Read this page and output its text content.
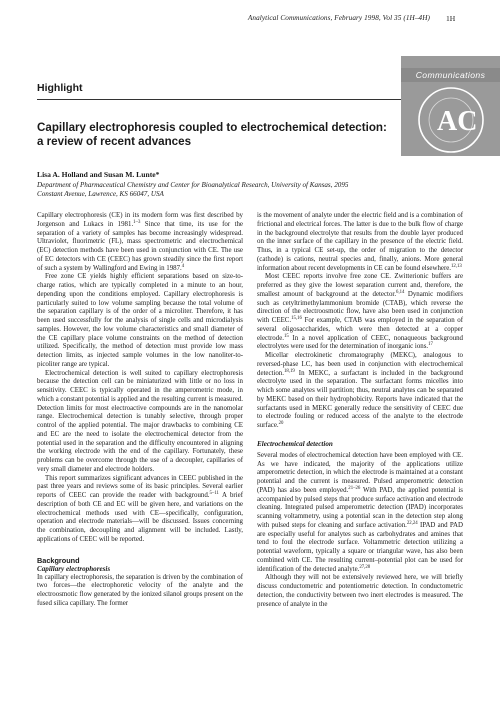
Analytical Communications, February 1998, Vol 35 (1H–4H) 1H
AC
Communications
Highlight
Capillary electrophoresis coupled to electrochemical detection: a review of recent advances
Lisa A. Holland and Susan M. Lunte*
Department of Pharmaceutical Chemistry and Center for Bioanalytical Research, University of Kansas, 2095 Constant Avenue, Lawrence, KS 66047, USA

Capillary electrophoresis (CE) in its modern form was first described by Jorgenson and Lukacs in 1981.$^{1-3}$ Since that time, its use for the separation of a variety of samples has become increasingly widespread. Ultraviolet, fluorimetric (FL), mass spectrometric and electrochemical (EC) detection methods have been used in conjunction with CE. The use of EC detectors with CE (CEEC) has grown steadily since the first report of such a system by Wallingford and Ewing in 1987.$^4$

Free zone CE yields highly efficient separations based on size-to-charge ratios, which are typically completed in a minute to an hour, depending upon the conditions employed. Capillary electrophoresis is particularly suited to low volume sampling because the total volume of the separation capillary is of the order of a microliter. Therefore, it has been used successfully for the analysis of single cells and microdialysis samples. However, the low volume characteristics and small diameter of the CE capillary place volume constraints on the method of detection utilized. Specifically, the method of detection must provide low mass detection limits, as injected sample volumes in the low nanoliter-to-picoliter range are typical.

Electrochemical detection is well suited to capillary electrophoresis because the detection cell can be miniaturized with little or no loss in sensitivity. CEEC is typically operated in the amperometric mode, in which a constant potential is applied and the resulting current is measured. Detection limits for most electroactive compounds are in the nanomolar range. Electrochemical detection is tunably selective, through proper control of the applied potential. The major drawbacks to combining CE and EC are the need to isolate the electrochemical detector from the potential used in the separation and the difficulty encountered in aligning the working electrode with the end of the capillary. Fortunately, these problems can be overcome through the use of a decoupler, capillaries of very small diameter and electrode holders.

This report summarizes significant advances in CEEC published in the past three years and reviews some of its basic principles. Several earlier reports of CEEC can provide the reader with background.$^{5-11}$ A brief description of both CE and EC will be given here, and variations on the electrochemical methods used with CE—specifically, configuration, operation and electrode materials—will be discussed. Issues concerning the combination, decoupling and alignment will be included. Lastly, applications of CEEC will be reported.

Background
Capillary electrophoresis

In capillary electrophoresis, the separation is driven by the combination of two forces—the electrophoretic velocity of the analyte and the electroosmotic flow generated by the ionized silanol groups present on the fused silica capillary. The former

is the movement of analyte under the electric field and is a combination of frictional and electrical forces. The latter is due to the bulk flow of charge in the background electrolyte that results from the double layer produced on the inner surface of the capillary in the presence of the electric field. Thus, in a typical CE set-up, the order of migration to the detector (cathode) is cations, neutral species and, finally, anions. More general information about recent developments in CE can be found elsewhere.$^{12,13}$

Most CEEC reports involve free zone CE. Zwitterionic buffers are preferred as they give the lowest separation current and, therefore, the smallest amount of background at the detector.$^{6,14}$ Dynamic modifiers such as cetyltrimethylammonium bromide (CTAB), which reverse the direction of the electroosmotic flow, have also been used in conjunction with CEEC.$^{15,16}$ For example, CTAB was employed in the separation of several oligosaccharides, which were then detected at a copper electrode.$^{15}$ In a novel application of CEEC, nonaqueous background electrolytes were used for the determination of inorganic ions.$^{17}$

Micellar electrokinetic chromatography (MEKC), analogous to reversed-phase LC, has been used in conjunction with electrochemical detection.$^{18,19}$ In MEKC, a surfactant is included in the background electrolyte used in the separation. The surfactant forms micelles into which some analytes will partition; thus, neutral analytes can be separated by MEKC based on their hydrophobicity. Reports have indicated that the surfactants used in MEKC generally reduce the sensitivity of CEEC due to electrode fouling or reduced access of the analyte to the electrode surface.$^{20}$

Electrochemical detection

Several modes of electrochemical detection have been employed with CE. As we have indicated, the majority of the applications utilize amperometric detection, in which the electrode is maintained at a constant potential and the current is measured. Pulsed amperometric detection (PAD) has also been employed.$^{21-26}$ With PAD, the applied potential is accompanied by pulsed steps that produce surface activation and electrode cleaning. Integrated pulsed amperometric detection (IPAD) incorporates scanning voltammetry, using a potential scan in the detection step along with pulsed steps for cleaning and surface activation.$^{22,24}$ IPAD and PAD are especially useful for analytes such as carbohydrates and amines that tend to foul the electrode surface. Voltammetric detection utilizing a potential waveform, typically a square or triangular wave, has also been combined with CE. The resulting current–potential plot can be used for identification of the detected analyte.$^{27,28}$

Although they will not be extensively reviewed here, we will briefly discuss conductometric and potentiometric detection. In conductometric detection, the conductivity between two inert electrodes is measured. The presence of analyte in the
